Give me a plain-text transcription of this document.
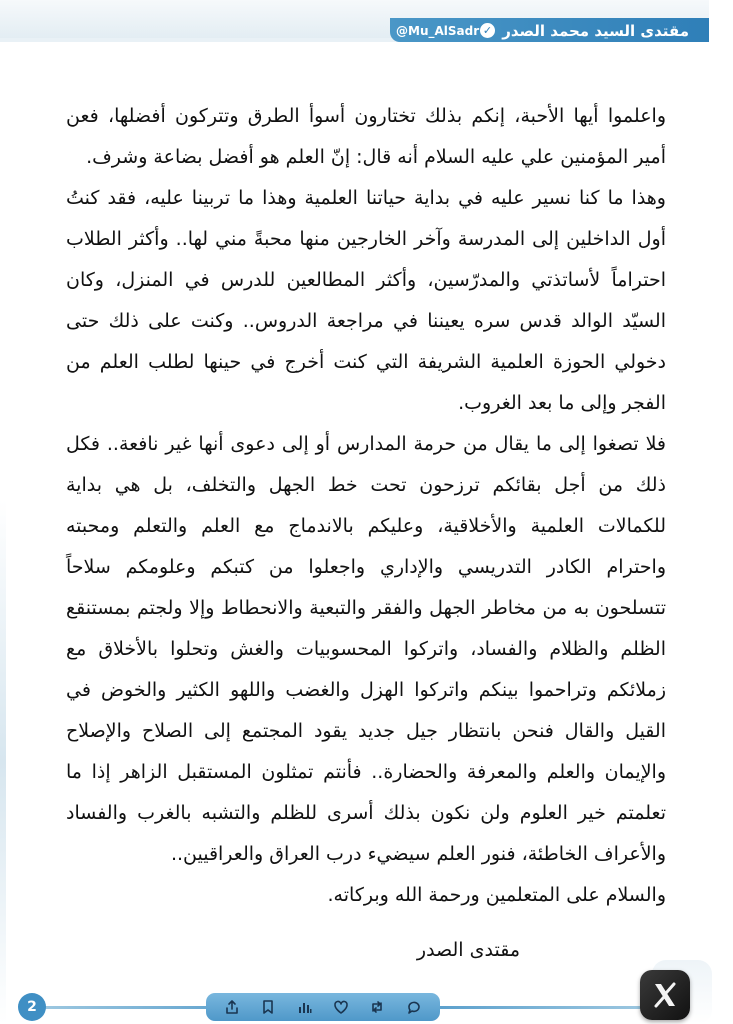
@Mu_AlSadr ✓ مقتدى السيد محمد الصدر

واعلموا أيها الأحبة، إنكم بذلك تختارون أسوأ الطرق وتتركون أفضلها، فعن أمير المؤمنين علي عليه السلام أنه قال: إنّ العلم هو أفضل بضاعة وشرف.

وهذا ما كنا نسير عليه في بداية حياتنا العلمية وهذا ما تربينا عليه، فقد كنتُ أول الداخلين إلى المدرسة وآخر الخارجين منها محبةً مني لها.. وأكثر الطلاب احتراماً لأساتذتي والمدرّسين، وأكثر المطالعين للدرس في المنزل، وكان السيّد الوالد قدس سره يعيننا في مراجعة الدروس.. وكنت على ذلك حتى دخولي الحوزة العلمية الشريفة التي كنت أخرج في حينها لطلب العلم من الفجر وإلى ما بعد الغروب.

فلا تصغوا إلى ما يقال من حرمة المدارس أو إلى دعوى أنها غير نافعة.. فكل ذلك من أجل بقائكم ترزحون تحت خط الجهل والتخلف، بل هي بداية للكمالات العلمية والأخلاقية، وعليكم بالاندماج مع العلم والتعلم ومحبته واحترام الكادر التدريسي والإداري واجعلوا من كتبكم وعلومكم سلاحاً تتسلحون به من مخاطر الجهل والفقر والتبعية والانحطاط وإلا ولجتم بمستنقع الظلم والظلام والفساد، واتركوا المحسوبيات والغش وتحلوا بالأخلاق مع زملائكم وتراحموا بينكم واتركوا الهزل والغضب واللهو الكثير والخوض في القيل والقال فنحن بانتظار جيل جديد يقود المجتمع إلى الصلاح والإصلاح والإيمان والعلم والمعرفة والحضارة.. فأنتم تمثلون المستقبل الزاهر إذا ما تعلمتم خير العلوم ولن نكون بذلك أسرى للظلم والتشبه بالغرب والفساد والأعراف الخاطئة، فنور العلم سيضيء درب العراق والعراقيين..

والسلام على المتعلمين ورحمة الله وبركاته.

مقتدى الصدر

2
